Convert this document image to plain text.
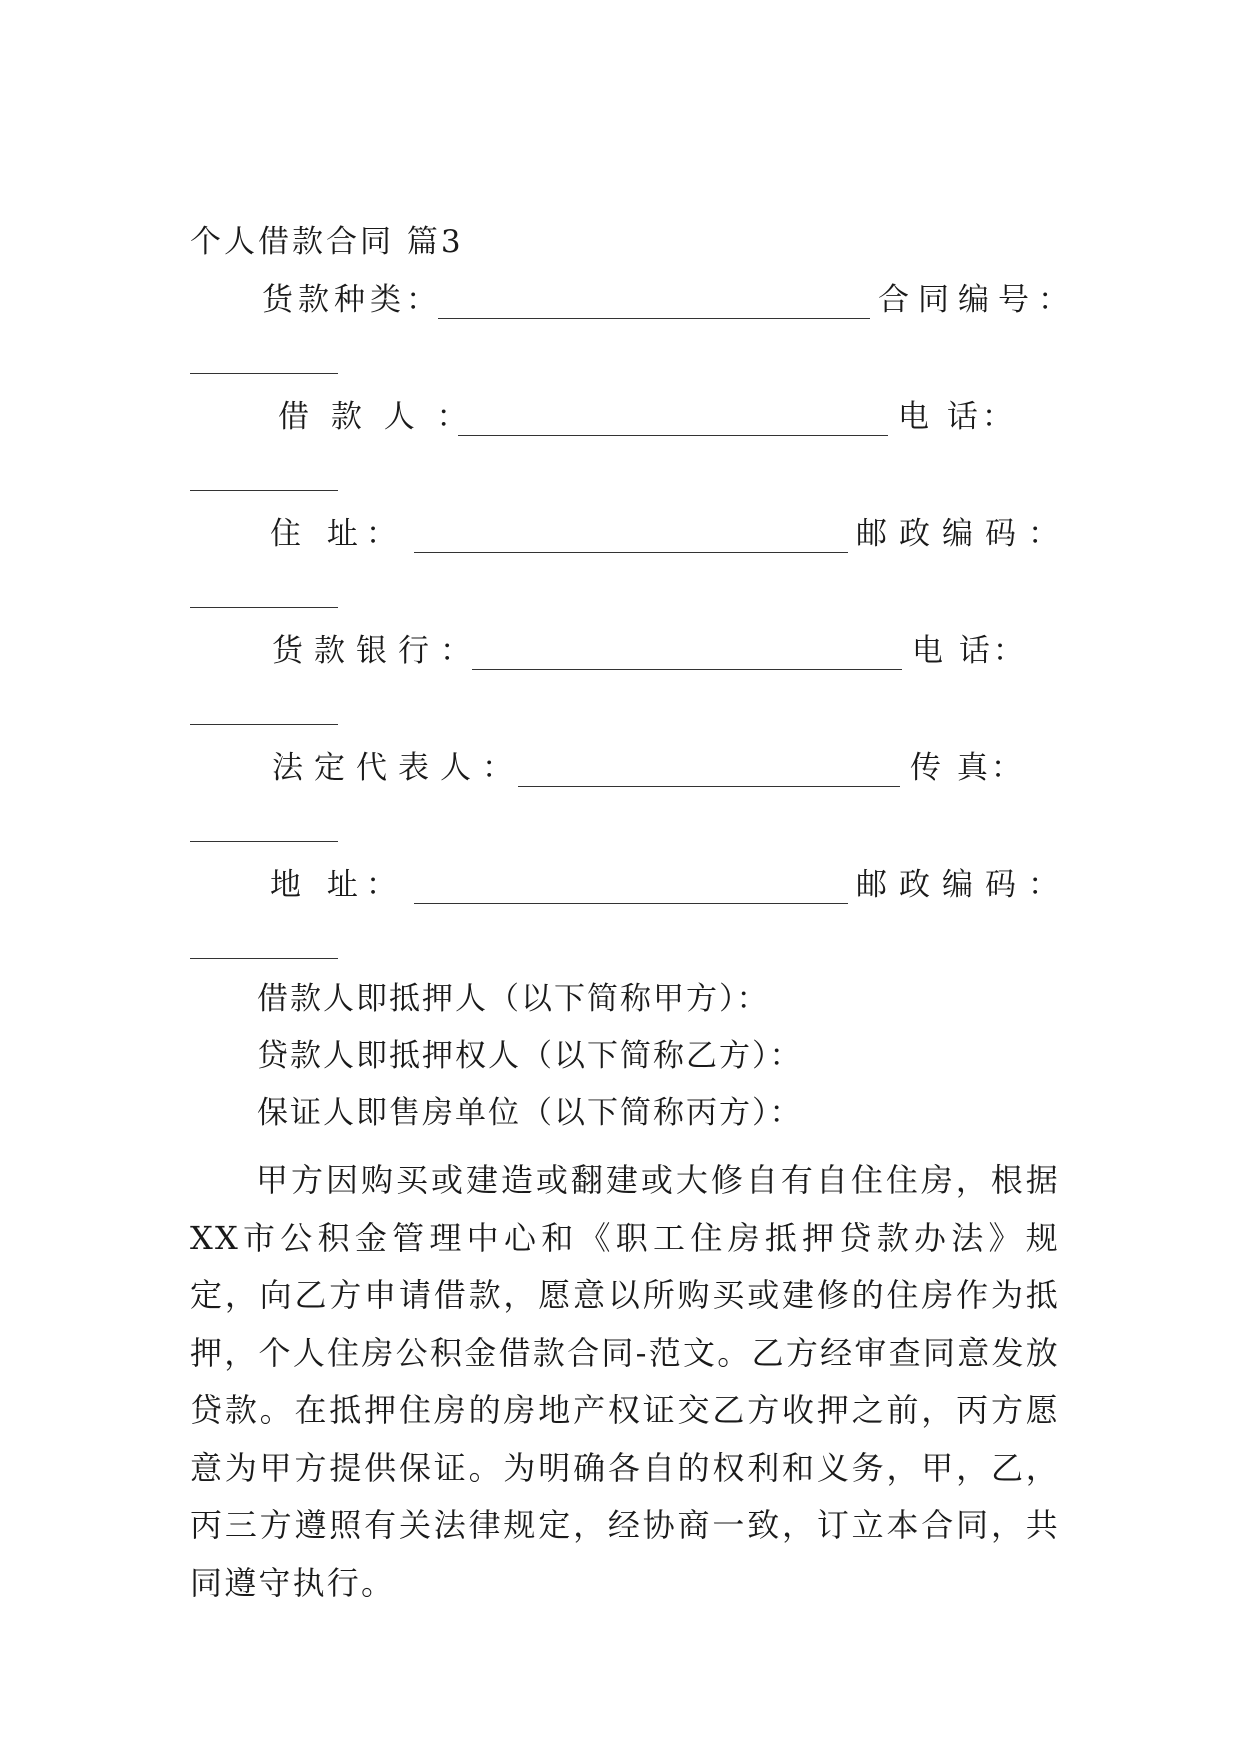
个人借款合同 篇3
货款种类：	合同编号：
借 款 人 ：	电 话：
住 址：	邮政编码：
货款银行：	电 话：
法定代表人：	传 真：
地 址：	邮政编码：
借款人即抵押人（以下简称甲方）：
贷款人即抵押权人（以下简称乙方）：
保证人即售房单位（以下简称丙方）：

甲方因购买或建造或翻建或大修自有自住住房，根据XX市公积金管理中心和《职工住房抵押贷款办法》规定，向乙方申请借款，愿意以所购买或建修的住房作为抵押，个人住房公积金借款合同-范文。乙方经审查同意发放贷款。在抵押住房的房地产权证交乙方收押之前，丙方愿意为甲方提供保证。为明确各自的权利和义务，甲，乙，丙三方遵照有关法律规定，经协商一致，订立本合同，共同遵守执行。
